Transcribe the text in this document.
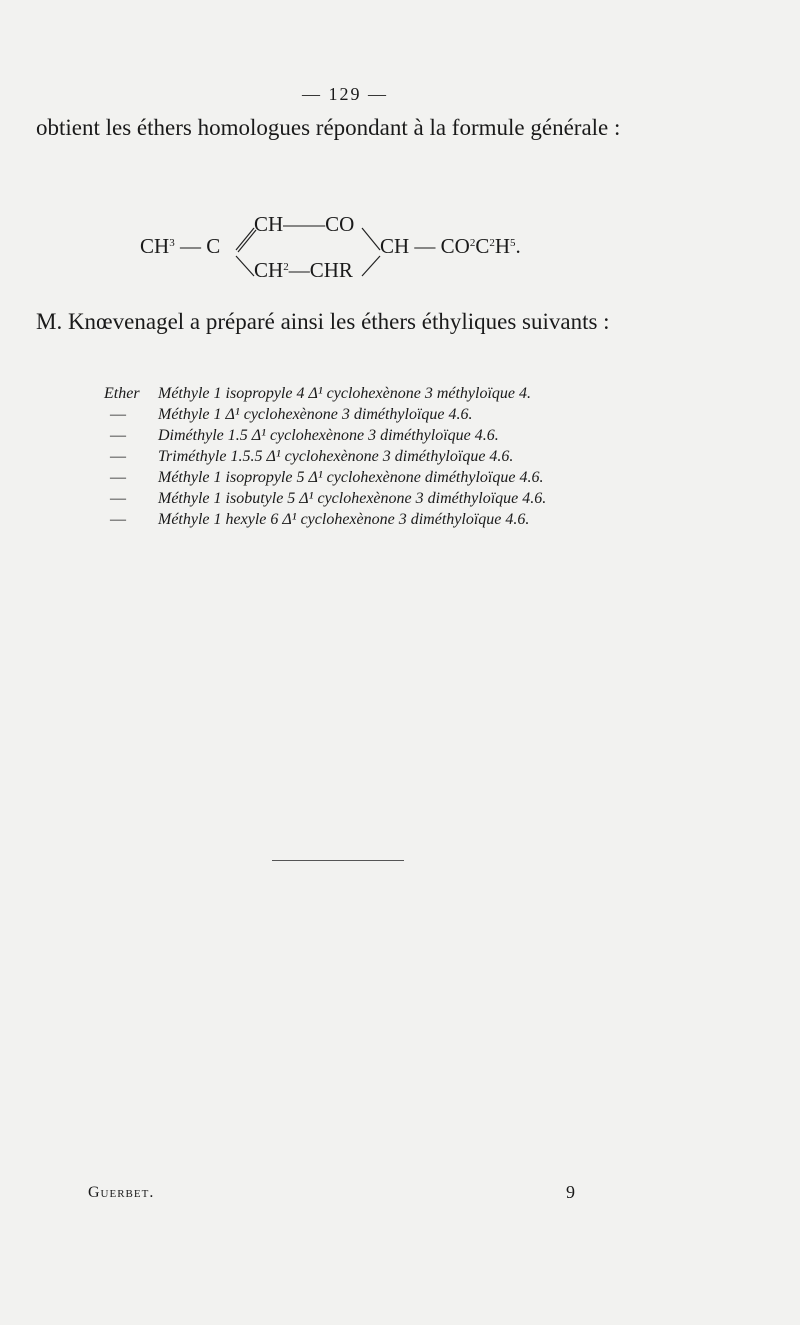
— 129 —
obtient les éthers homologues répondant à la formule générale :
$CH^3$ — C
CH——CO
$CH^2—CHR$
CH — $CO^2C^2H^5$.
M. Knœvenagel a préparé ainsi les éthers éthyliques suivants :
Ether	Méthyle 1 isopropyle 4 Δ¹ cyclohexènone 3 méthyloïque 4.
—	Méthyle 1 Δ¹ cyclohexènone 3 diméthyloïque 4.6.
—	Diméthyle 1.5 Δ¹ cyclohexènone 3 diméthyloïque 4.6.
—	Triméthyle 1.5.5 Δ¹ cyclohexènone 3 diméthyloïque 4.6.
—	Méthyle 1 isopropyle 5 Δ¹ cyclohexènone diméthyloïque 4.6.
—	Méthyle 1 isobutyle 5 Δ¹ cyclohexènone 3 diméthyloïque 4.6.
—	Méthyle 1 hexyle 6 Δ¹ cyclohexènone 3 diméthyloïque 4.6.
Guerbet.	9
